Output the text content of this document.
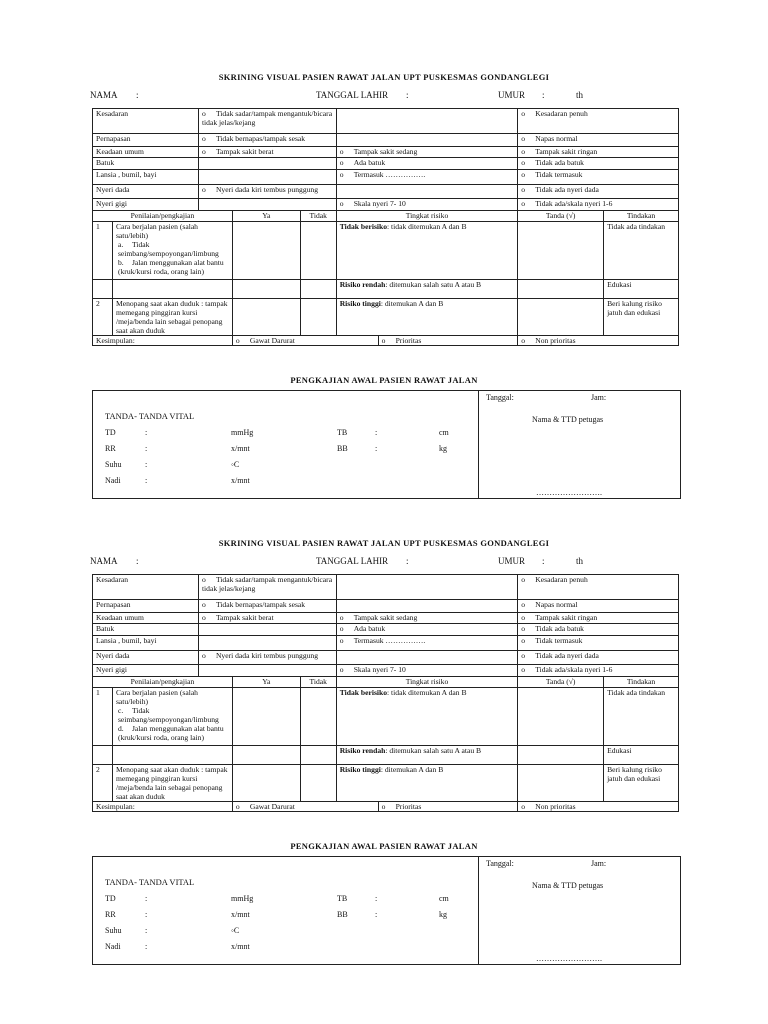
SKRINING VISUAL PASIEN RAWAT JALAN UPT PUSKESMAS GONDANGLEGI
NAMA :	TANGGAL LAHIR :	UMUR :	th
Kesadaran		o Tidak sadar/tampak mengantuk/bicara tidak jelas/kejang					o Kesadaran penuh	
Pernapasan		o Tidak bernapas/tampak sesak					o Napas normal	
Keadaan umum		o Tampak sakit berat			o Tampak sakit sedang		o Tampak sakit ringan	
Batuk					o Ada batuk		o Tidak ada batuk	
Lansia , bumil, bayi					o Termasuk …………….		o Tidak termasuk	
Nyeri dada		o Nyeri dada kiri tembus punggung					o Tidak ada nyeri dada	
Nyeri gigi					o Skala nyeri 7- 10		o Tidak ada/skala nyeri 1-6	
Penilaian/pengkajian			Ya	Tidak	Tingkat risiko		Tanda (√)	Tindakan
1	Cara berjalan pasien (salah satu/lebih)
a. Tidak seimbang/sempoyongan/limbung
b. Jalan menggunakan alat bantu (kruk/kursi roda, orang lain)				Tidak berisiko: tidak ditemukan A dan B			Tidak ada tindakan
					Risiko rendah: ditemukan salah satu A atau B			Edukasi
2	Menopang saat akan duduk : tampak memegang pinggiran kursi /meja/benda lain sebagai penopang saat akan duduk				Risiko tinggi: ditemukan A dan B			Beri kalung risiko jatuh dan edukasi
Kesimpulan:			o Gawat Darurat			o Prioritas	o Non prioritas	
PENGKAJIAN AWAL PASIEN RAWAT JALAN
TANDA- TANDA VITAL
TD	:	mmHg	TB	:	cm
RR	:	x/mnt	BB	:	kg
Suhu	:	◦C
Nadi	:	x/mnt
Tanggal:	Jam:
Nama & TTD petugas
…………………….
SKRINING VISUAL PASIEN RAWAT JALAN UPT PUSKESMAS GONDANGLEGI
NAMA :	TANGGAL LAHIR :	UMUR :	th
Kesadaran		o Tidak sadar/tampak mengantuk/bicara tidak jelas/kejang					o Kesadaran penuh	
Pernapasan		o Tidak bernapas/tampak sesak					o Napas normal	
Keadaan umum		o Tampak sakit berat			o Tampak sakit sedang		o Tampak sakit ringan	
Batuk					o Ada batuk		o Tidak ada batuk	
Lansia , bumil, bayi					o Termasuk …………….		o Tidak termasuk	
Nyeri dada		o Nyeri dada kiri tembus punggung					o Tidak ada nyeri dada	
Nyeri gigi					o Skala nyeri 7- 10		o Tidak ada/skala nyeri 1-6	
Penilaian/pengkajian			Ya	Tidak	Tingkat risiko		Tanda (√)	Tindakan
1	Cara berjalan pasien (salah satu/lebih)
c. Tidak seimbang/sempoyongan/limbung
d. Jalan menggunakan alat bantu (kruk/kursi roda, orang lain)				Tidak berisiko: tidak ditemukan A dan B			Tidak ada tindakan
					Risiko rendah: ditemukan salah satu A atau B			Edukasi
2	Menopang saat akan duduk : tampak memegang pinggiran kursi /meja/benda lain sebagai penopang saat akan duduk				Risiko tinggi: ditemukan A dan B			Beri kalung risiko jatuh dan edukasi
Kesimpulan:			o Gawat Darurat			o Prioritas	o Non prioritas	
PENGKAJIAN AWAL PASIEN RAWAT JALAN
TANDA- TANDA VITAL
TD	:	mmHg	TB	:	cm
RR	:	x/mnt	BB	:	kg
Suhu	:	◦C
Nadi	:	x/mnt
Tanggal:	Jam:
Nama & TTD petugas
…………………….
